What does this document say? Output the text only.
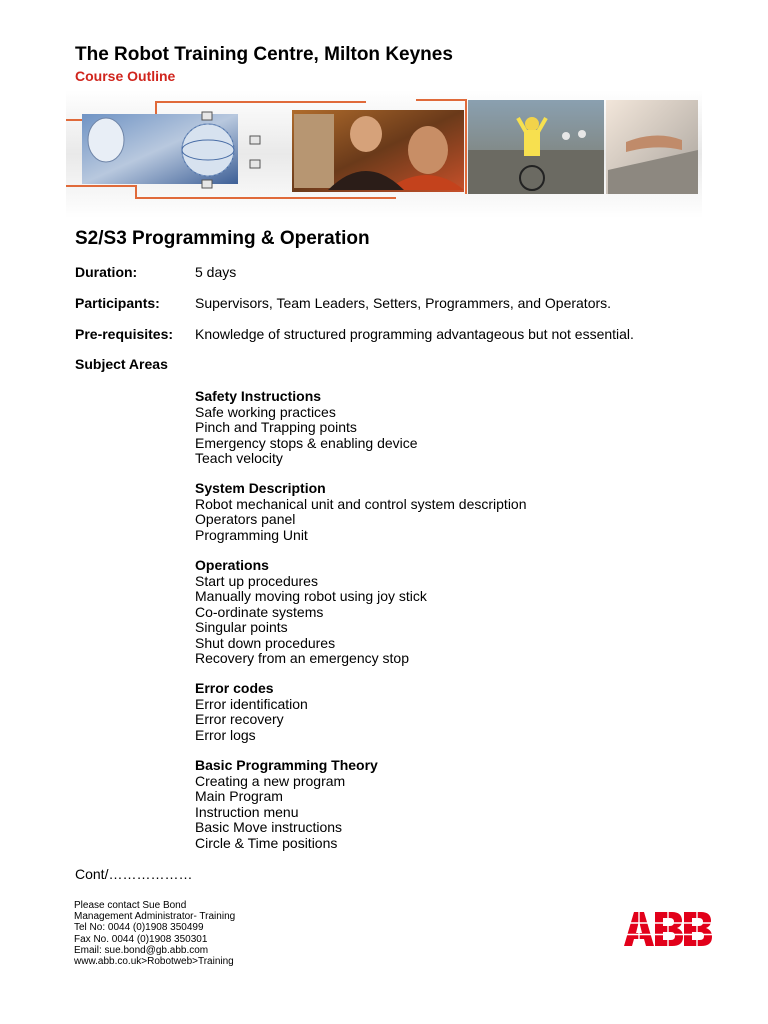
The Robot Training Centre, Milton Keynes
Course Outline
S2/S3 Programming & Operation
Duration:	5 days
Participants:	Supervisors, Team Leaders, Setters, Programmers, and Operators.
Pre-requisites: Knowledge of structured programming advantageous but not essential.
Subject Areas
Safety Instructions
Safe working practices
Pinch and Trapping points
Emergency stops & enabling device
Teach velocity
System Description
Robot mechanical unit and control system description
Operators panel
Programming Unit
Operations
Start up procedures
Manually moving robot using joy stick
Co-ordinate systems
Singular points
Shut down procedures
Recovery from an emergency stop
Error codes
Error identification
Error recovery
Error logs
Basic Programming Theory
Creating a new program
Main Program
Instruction menu
Basic Move instructions
Circle & Time positions
Cont/………………
Please contact Sue Bond
Management Administrator- Training
Tel No: 0044 (0)1908 350499
Fax No. 0044 (0)1908 350301
Email: sue.bond@gb.abb.com
www.abb.co.uk>Robotweb>Training
